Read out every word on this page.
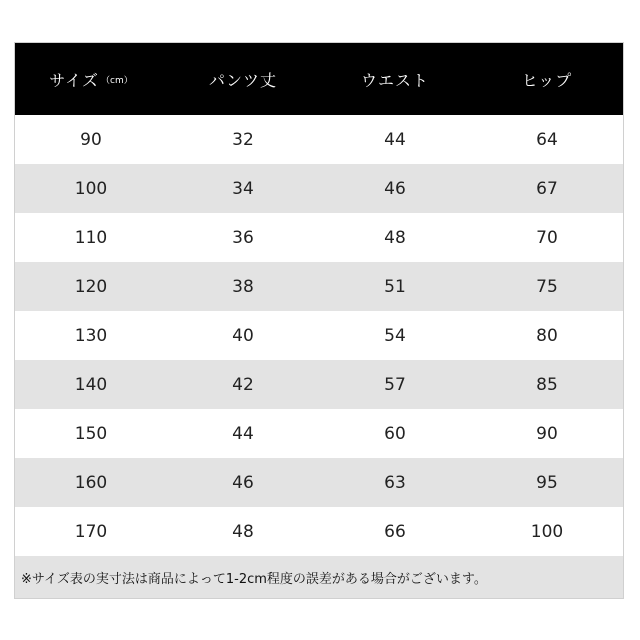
サイズ （cm）	パンツ丈	ウエスト	ヒップ
90	32	44	64
100	34	46	67
110	36	48	70
120	38	51	75
130	40	54	80
140	42	57	85
150	44	60	90
160	46	63	95
170	48	66	100
※サイズ表の実寸法は商品によって1-2cm程度の誤差がある場合がございます。
